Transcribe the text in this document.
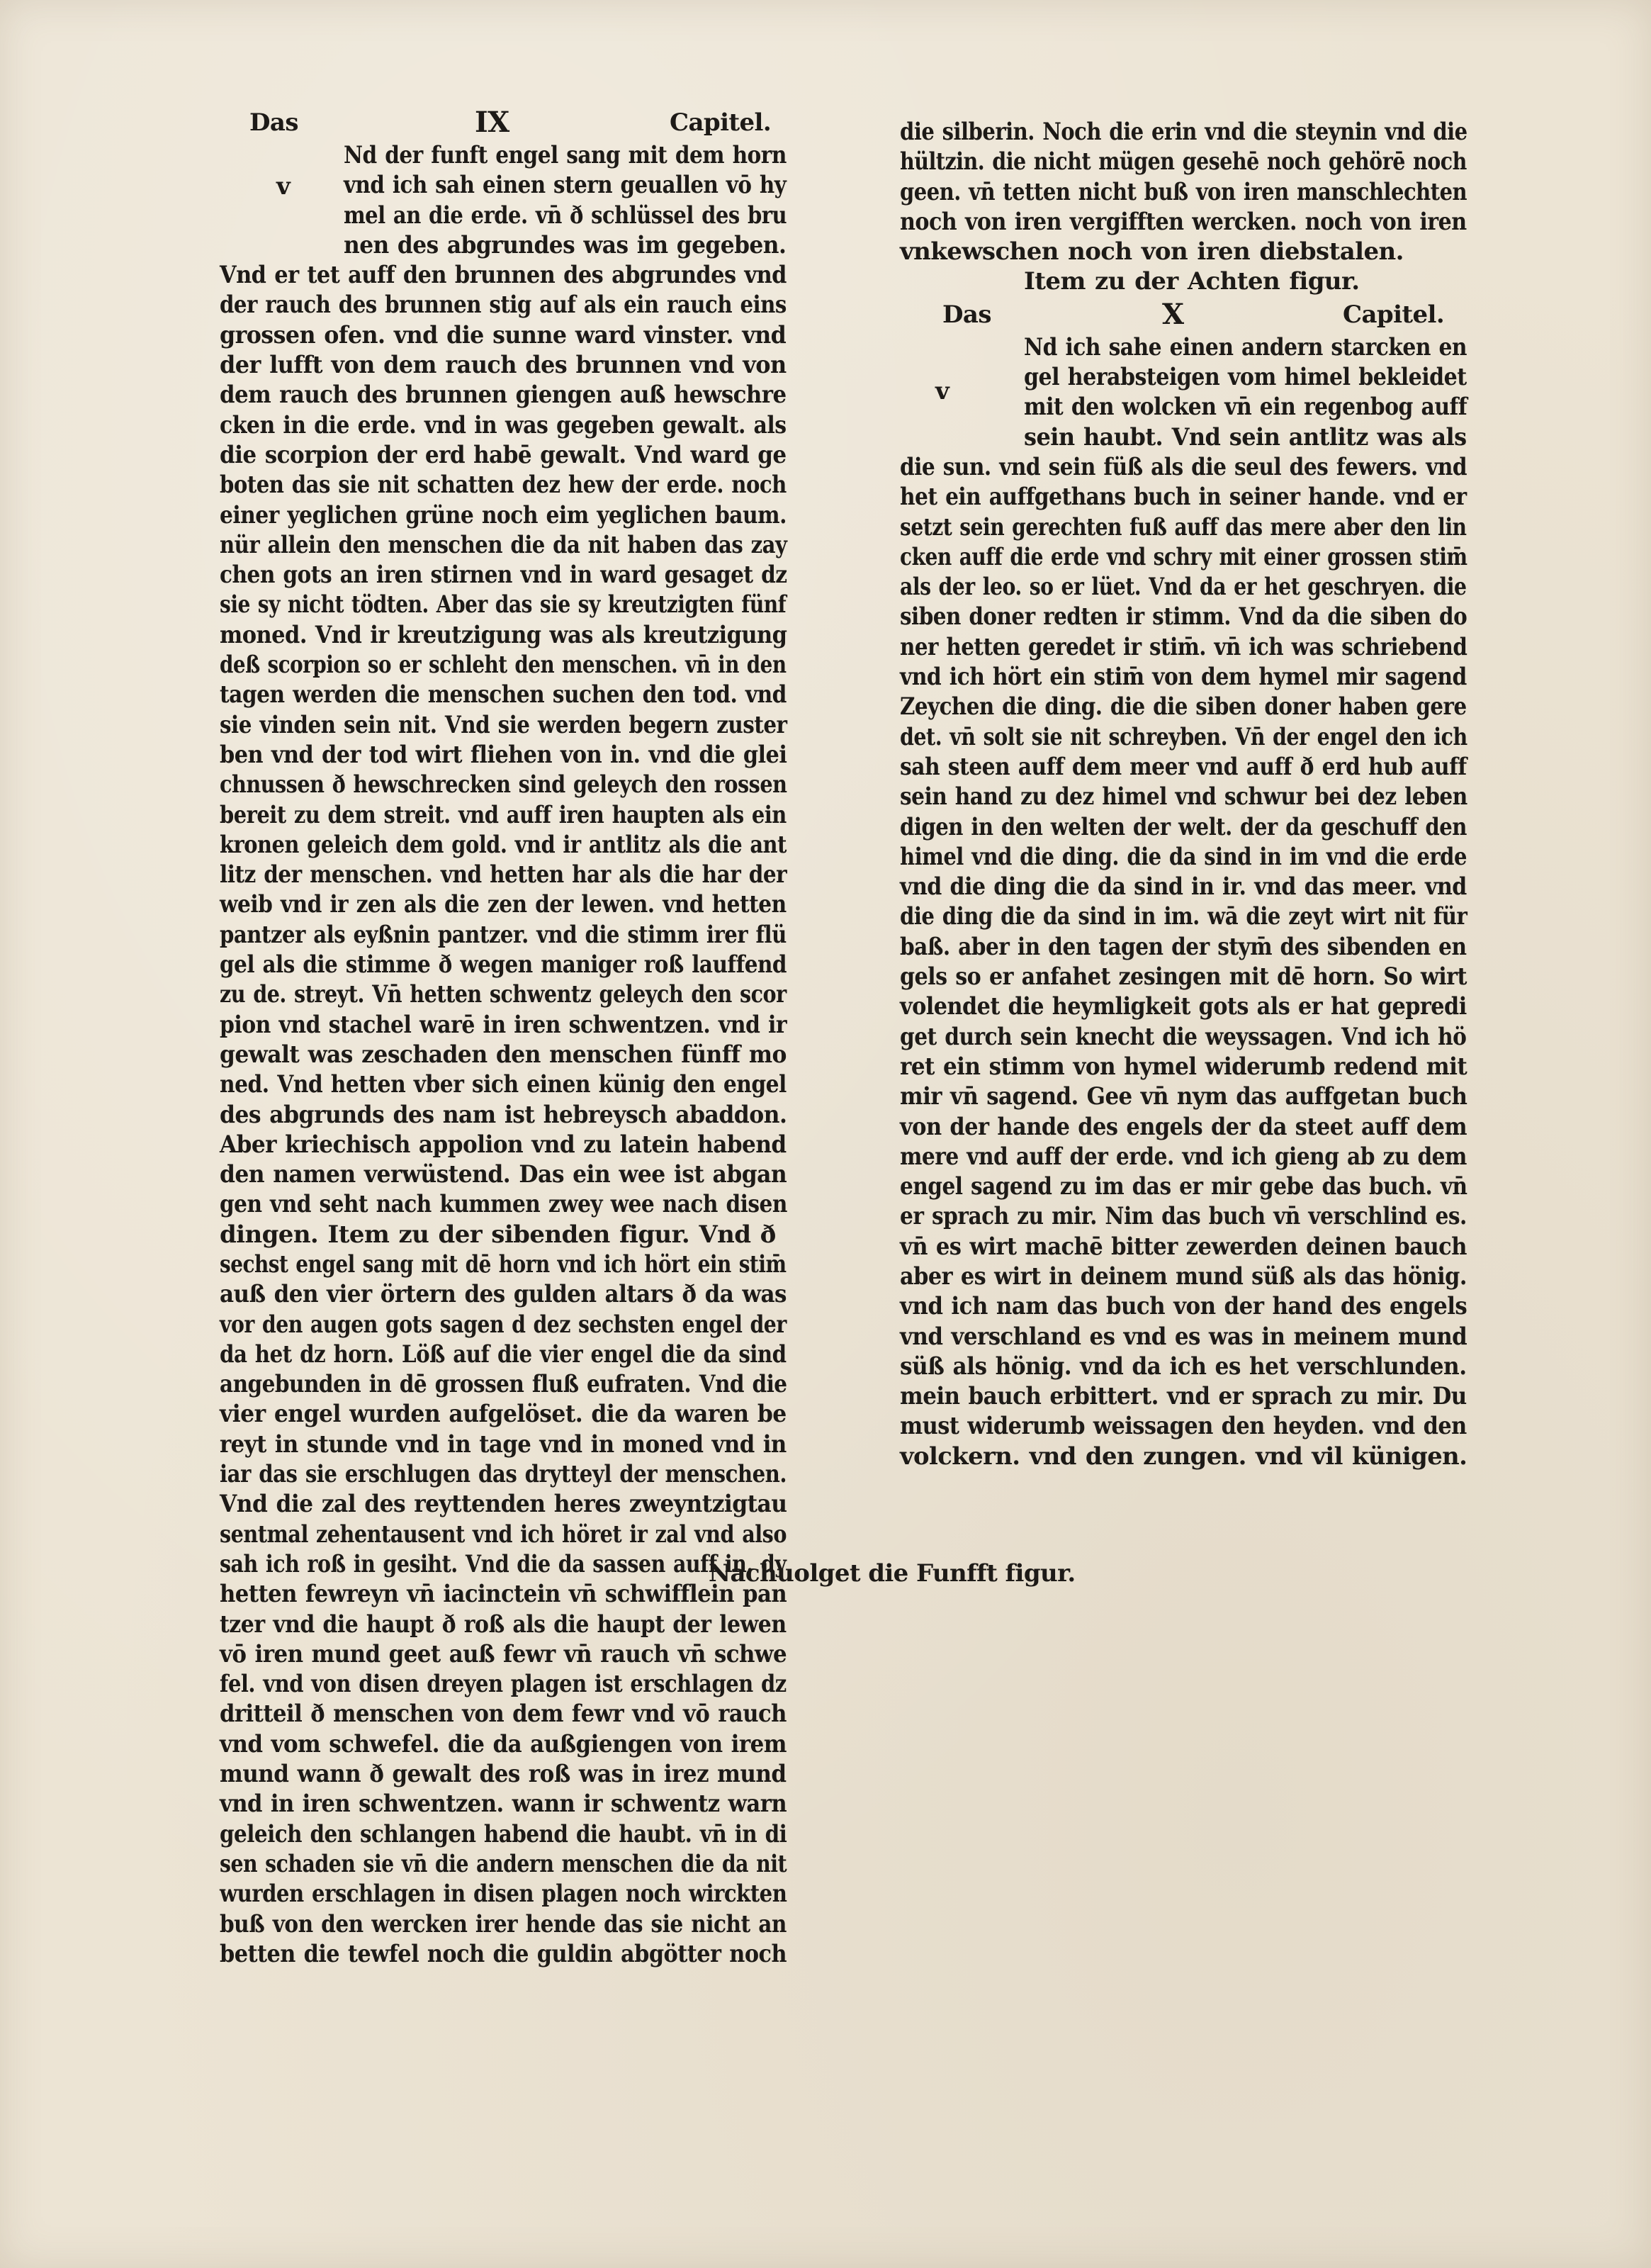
Das	IX	Capitel.
Nd der funft engel sang mit dem horn
vnd ich sah einen stern geuallen vō hy
mel an die erde. vn̄ ð schlüssel des bru
nen des abgrundes was im gegeben.
Vnd er tet auff den brunnen des abgrundes vnd
der rauch des brunnen stig auf als ein rauch eins
grossen ofen. vnd die sunne ward vinster. vnd
der lufft von dem rauch des brunnen vnd von
dem rauch des brunnen giengen auß hewschre
cken in die erde. vnd in was gegeben gewalt. als
die scorpion der erd habē gewalt. Vnd ward ge
boten das sie nit schatten dez hew der erde. noch
einer yeglichen grüne noch eim yeglichen baum.
nür allein den menschen die da nit haben das zay
chen gots an iren stirnen vnd in ward gesaget dz
sie sy nicht tödten. Aber das sie sy kreutzigten fünf
moned. Vnd ir kreutzigung was als kreutzigung
deß scorpion so er schleht den menschen. vn̄ in den
tagen werden die menschen suchen den tod. vnd
sie vinden sein nit. Vnd sie werden begern zuster
ben vnd der tod wirt fliehen von in. vnd die glei
chnussen ð hewschrecken sind geleych den rossen
bereit zu dem streit. vnd auff iren haupten als ein
kronen geleich dem gold. vnd ir antlitz als die ant
litz der menschen. vnd hetten har als die har der
weib vnd ir zen als die zen der lewen. vnd hetten
pantzer als eyßnin pantzer. vnd die stimm irer flü
gel als die stimme ð wegen maniger roß lauffend
zu de. streyt. Vn̄ hetten schwentz geleych den scor
pion vnd stachel warē in iren schwentzen. vnd ir
gewalt was zeschaden den menschen fünff mo
ned. Vnd hetten vber sich einen künig den engel
des abgrunds des nam ist hebreysch abaddon.
Aber kriechisch appolion vnd zu latein habend
den namen verwüstend. Das ein wee ist abgan
gen vnd seht nach kummen zwey wee nach disen
dingen. Item zu der sibenden figur. Vnd ð
sechst engel sang mit dē horn vnd ich hört ein stim̄
auß den vier örtern des gulden altars ð da was
vor den augen gots sagen d dez sechsten engel der
da het dz horn. Löß auf die vier engel die da sind
angebunden in dē grossen fluß eufraten. Vnd die
vier engel wurden aufgelöset. die da waren be
reyt in stunde vnd in tage vnd in moned vnd in
iar das sie erschlugen das drytteyl der menschen.
Vnd die zal des reyttenden heres zweyntzigtau
sentmal zehentausent vnd ich höret ir zal vnd also
sah ich roß in gesiht. Vnd die da sassen auff in. dy
hetten fewreyn vn̄ iacinctein vn̄ schwifflein pan
tzer vnd die haupt ð roß als die haupt der lewen
vō iren mund geet auß fewr vn̄ rauch vn̄ schwe
fel. vnd von disen dreyen plagen ist erschlagen dz
dritteil ð menschen von dem fewr vnd vō rauch
vnd vom schwefel. die da außgiengen von irem
mund wann ð gewalt des roß was in irez mund
vnd in iren schwentzen. wann ir schwentz warn
geleich den schlangen habend die haubt. vn̄ in di
sen schaden sie vn̄ die andern menschen die da nit
wurden erschlagen in disen plagen noch wirckten
buß von den wercken irer hende das sie nicht an
betten die tewfel noch die guldin abgötter noch
v
die silberin. Noch die erin vnd die steynin vnd die
hültzin. die nicht mügen gesehē noch gehörē noch
geen. vn̄ tetten nicht buß von iren manschlechten
noch von iren vergifften wercken. noch von iren
vnkewschen noch von iren diebstalen.
Item zu der Achten figur.
Das	X	Capitel.
Nd ich sahe einen andern starcken en
gel herabsteigen vom himel bekleidet
mit den wolcken vn̄ ein regenbog auff
sein haubt. Vnd sein antlitz was als
die sun. vnd sein füß als die seul des fewers. vnd
het ein auffgethans buch in seiner hande. vnd er
setzt sein gerechten fuß auff das mere aber den lin
cken auff die erde vnd schry mit einer grossen stim̄
als der leo. so er lüet. Vnd da er het geschryen. die
siben doner redten ir stimm. Vnd da die siben do
ner hetten geredet ir stim̄. vn̄ ich was schriebend
vnd ich hört ein stim̄ von dem hymel mir sagend
Zeychen die ding. die die siben doner haben gere
det. vn̄ solt sie nit schreyben. Vn̄ der engel den ich
sah steen auff dem meer vnd auff ð erd hub auff
sein hand zu dez himel vnd schwur bei dez leben
digen in den welten der welt. der da geschuff den
himel vnd die ding. die da sind in im vnd die erde
vnd die ding die da sind in ir. vnd das meer. vnd
die ding die da sind in im. wā die zeyt wirt nit für
baß. aber in den tagen der stym̄ des sibenden en
gels so er anfahet zesingen mit dē horn. So wirt
volendet die heymligkeit gots als er hat gepredi
get durch sein knecht die weyssagen. Vnd ich hö
ret ein stimm von hymel widerumb redend mit
mir vn̄ sagend. Gee vn̄ nym das auffgetan buch
von der hande des engels der da steet auff dem
mere vnd auff der erde. vnd ich gieng ab zu dem
engel sagend zu im das er mir gebe das buch. vn̄
er sprach zu mir. Nim das buch vn̄ verschlind es.
vn̄ es wirt machē bitter zewerden deinen bauch
aber es wirt in deinem mund süß als das hönig.
vnd ich nam das buch von der hand des engels
vnd verschland es vnd es was in meinem mund
süß als hönig. vnd da ich es het verschlunden.
mein bauch erbittert. vnd er sprach zu mir. Du
must widerumb weissagen den heyden. vnd den
volckern. vnd den zungen. vnd vil künigen.
v
Nachuolget die Funfft figur.
